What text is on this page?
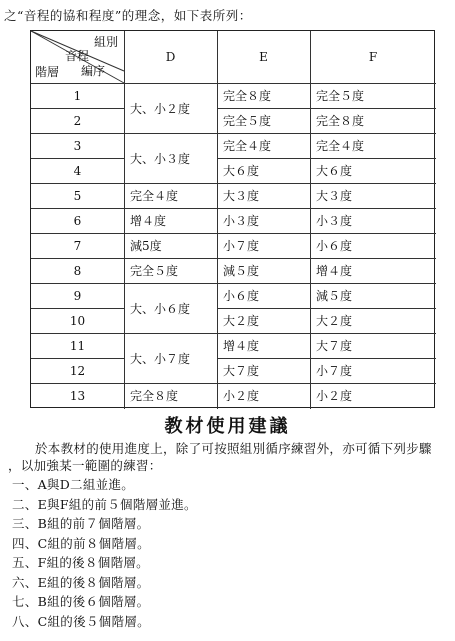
之“音程的協和程度”的理念，如下表所列：
組別
音程
編序
階層
D	E	F
1
2
3
4
5
6
7
8
9
10
11
12
13
大、小２度
大、小３度
完全４度
增４度
減5度
完全５度
大、小６度
大、小７度
完全８度
完全８度
完全５度
完全４度
大６度
大３度
小３度
小７度
減５度
小６度
大２度
增４度
大７度
小２度
完全５度
完全８度
完全４度
大６度
大３度
小３度
小６度
增４度
減５度
大２度
大７度
小７度
小２度
教材使用建議
於本教材的使用進度上，除了可按照組別循序練習外，亦可循下列步驟
，以加強某一範圍的練習：
一、A與D二組並進。
二、E與F組的前５個階層並進。
三、B組的前７個階層。
四、C組的前８個階層。
五、F組的後８個階層。
六、E組的後８個階層。
七、B組的後６個階層。
八、C組的後５個階層。
